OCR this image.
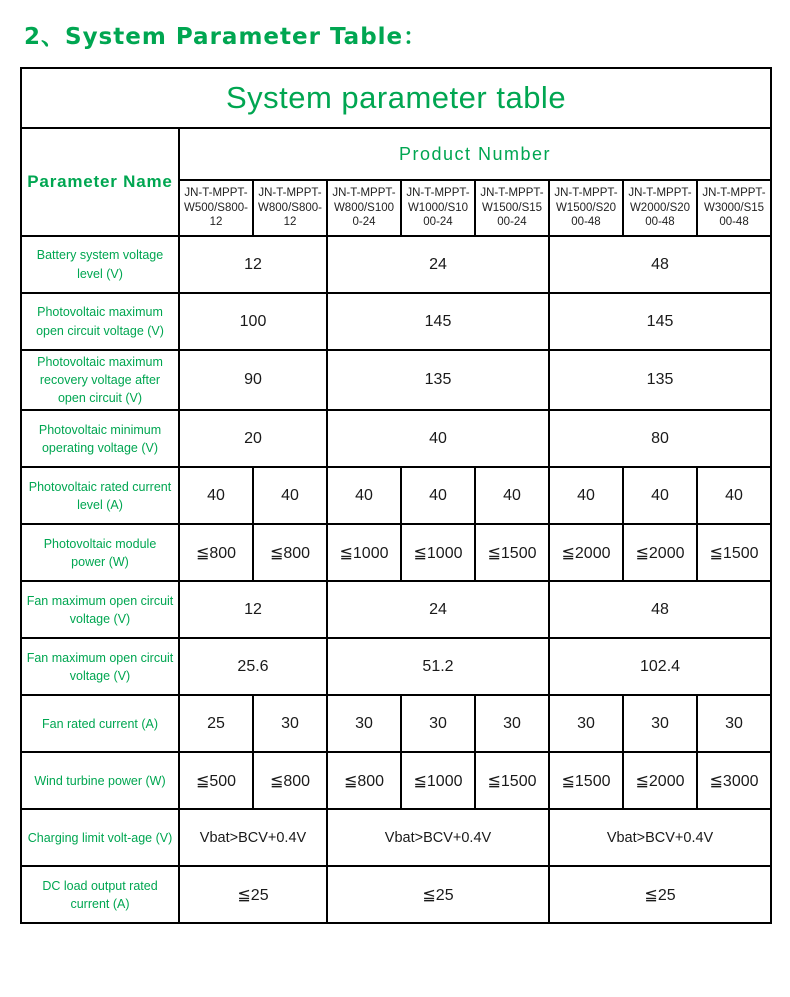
2、System Parameter Table：
System parameter table								
Parameter Name	Product Number							
	JN-T-MPPT-W500/S800-12	JN-T-MPPT-W800/S800-12	JN-T-MPPT-W800/S1000-24	JN-T-MPPT-W1000/S1000-24	JN-T-MPPT-W1500/S1500-24	JN-T-MPPT-W1500/S2000-48	JN-T-MPPT-W2000/S2000-48	JN-T-MPPT-W3000/S1500-48
Battery system voltage level (V)	12		24			48		
Photovoltaic maximum open circuit voltage (V)	100		145			145		
Photovoltaic maximum recovery voltage after open circuit (V)	90		135			135		
Photovoltaic minimum operating voltage (V)	20		40			80		
Photovoltaic rated current level (A)	40	40	40	40	40	40	40	40
Photovoltaic module power (W)	≦800	≦800	≦1000	≦1000	≦1500	≦2000	≦2000	≦1500
Fan maximum open circuit voltage (V)	12		24			48		
Fan maximum open circuit voltage (V)	25.6		51.2			102.4		
Fan rated current (A)	25	30	30	30	30	30	30	30
Wind turbine power (W)	≦500	≦800	≦800	≦1000	≦1500	≦1500	≦2000	≦3000
Charging limit volt-age (V)	Vbat>BCV+0.4V		Vbat>BCV+0.4V			Vbat>BCV+0.4V		
DC load output rated current (A)	≦25		≦25			≦25		
